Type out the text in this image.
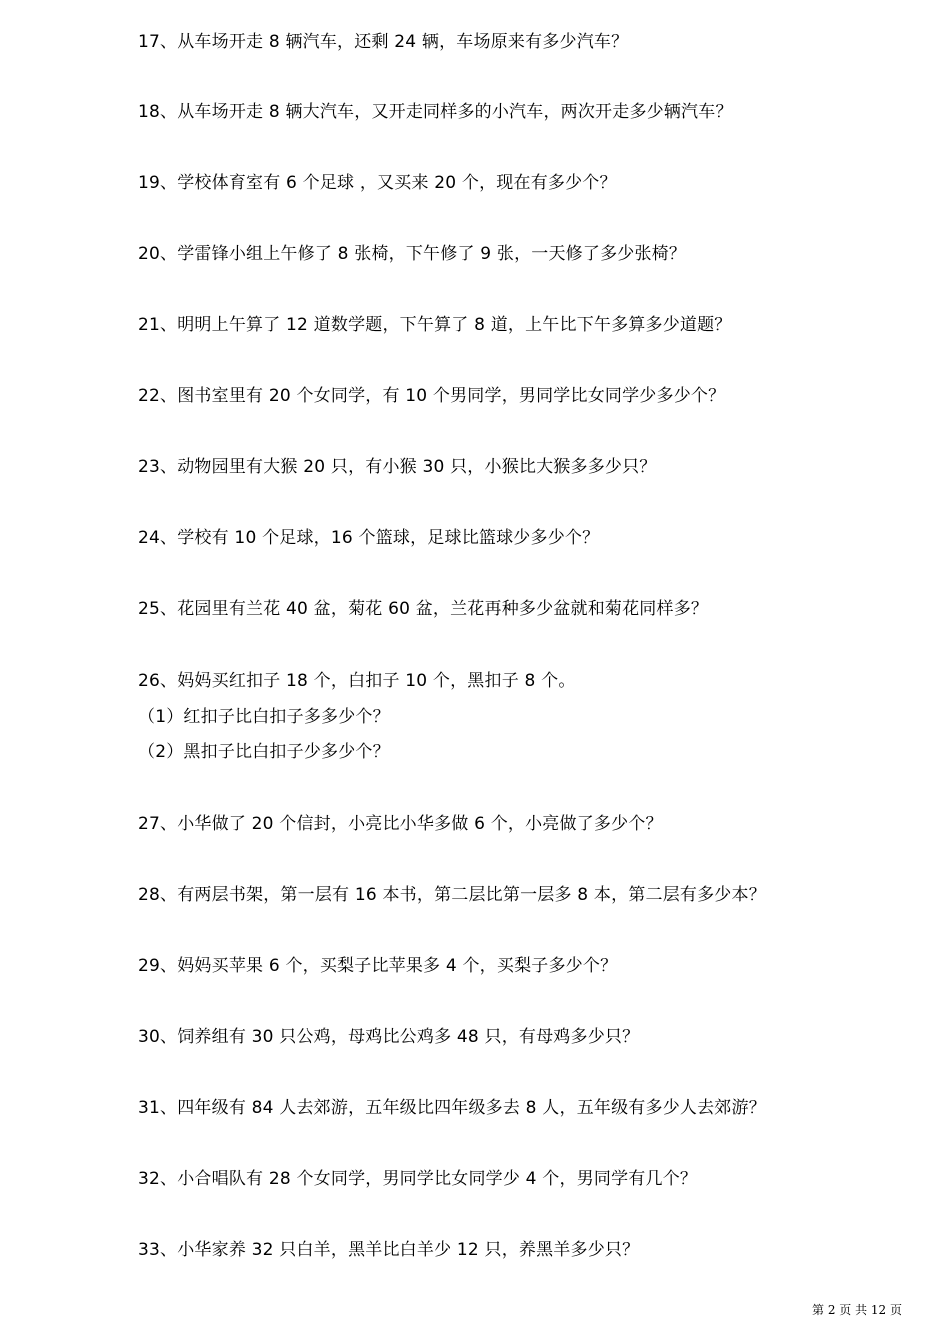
17、从车场开走 8 辆汽车，还剩 24 辆，车场原来有多少汽车？
18、从车场开走 8 辆大汽车，又开走同样多的小汽车，两次开走多少辆汽车？
19、学校体育室有 6 个足球 ，又买来 20 个，现在有多少个？
20、学雷锋小组上午修了 8 张椅，下午修了 9 张，一天修了多少张椅？
21、明明上午算了 12 道数学题，下午算了 8 道，上午比下午多算多少道题？
22、图书室里有 20 个女同学，有 10 个男同学，男同学比女同学少多少个？
23、动物园里有大猴 20 只，有小猴 30 只，小猴比大猴多多少只？
24、学校有 10 个足球，16 个篮球，足球比篮球少多少个？
25、花园里有兰花 40 盆，菊花 60 盆，兰花再种多少盆就和菊花同样多？
26、妈妈买红扣子 18 个，白扣子 10 个，黑扣子 8 个。
（1）红扣子比白扣子多多少个？
（2）黑扣子比白扣子少多少个？
27、小华做了 20 个信封，小亮比小华多做 6 个，小亮做了多少个？
28、有两层书架，第一层有 16 本书，第二层比第一层多 8 本，第二层有多少本？
29、妈妈买苹果 6 个，买梨子比苹果多 4 个，买梨子多少个？
30、饲养组有 30 只公鸡，母鸡比公鸡多 48 只，有母鸡多少只？
31、四年级有 84 人去郊游，五年级比四年级多去 8 人，五年级有多少人去郊游？
32、小合唱队有 28 个女同学，男同学比女同学少 4 个，男同学有几个？
33、小华家养 32 只白羊，黑羊比白羊少 12 只，养黑羊多少只？
第 2 页 共 12 页
